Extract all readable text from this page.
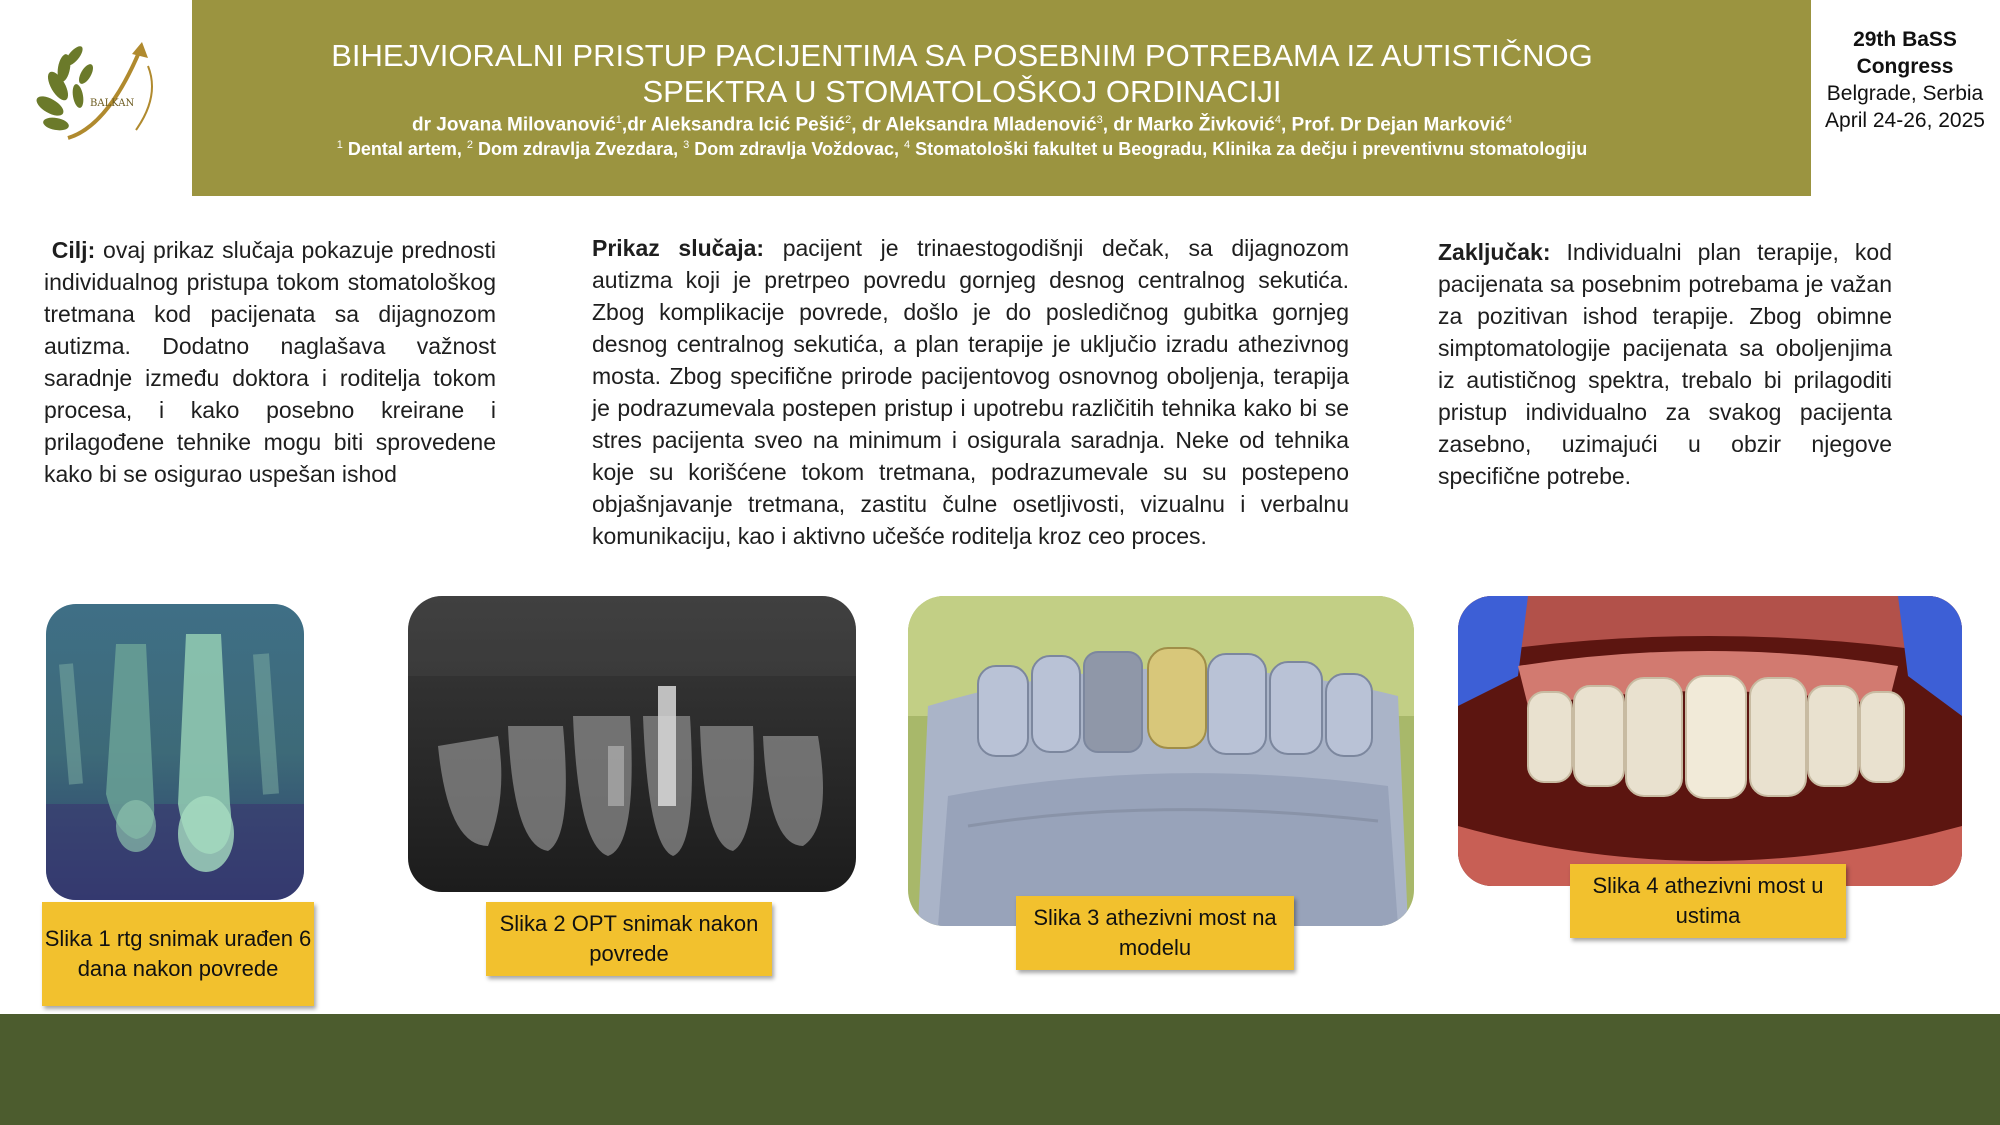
BALKAN
BIHEJVIORALNI PRISTUP PACIJENTIMA SA POSEBNIM POTREBAMA IZ AUTISTIČNOG
SPEKTRA U STOMATOLOŠKOJ ORDINACIJI
dr Jovana Milovanović$^1$,dr Aleksandra Icić Pešić$^2$, dr Aleksandra Mladenović$^3$, dr Marko Živković$^4$, Prof. Dr Dejan Marković$^4$
$^1$ Dental artem, $^2$ Dom zdravlja Zvezdara, $^3$ Dom zdravlja Voždovac, $^4$ Stomatološki fakultet u Beogradu, Klinika za dečju i preventivnu stomatologiju
29th BaSS
Congress
Belgrade, Serbia
April 24-26, 2025
Cilj: ovaj prikaz slučaja pokazuje prednosti individualnog pristupa tokom stomatološkog tretmana kod pacijenata sa dijagnozom autizma. Dodatno naglašava važnost saradnje između doktora i roditelja tokom procesa, i kako posebno kreirane i prilagođene tehnike mogu biti sprovedene kako bi se osigurao uspešan ishod
Prikaz slučaja: pacijent je trinaestogodišnji dečak, sa dijagnozom autizma koji je pretrpeo povredu gornjeg desnog centralnog sekutića. Zbog komplikacije povrede, došlo je do posledičnog gubitka gornjeg desnog centralnog sekutića, a plan terapije je uključio izradu athezivnog mosta. Zbog specifične prirode pacijentovog osnovnog oboljenja, terapija je podrazumevala postepen pristup i upotrebu različitih tehnika kako bi se stres pacijenta sveo na minimum i osigurala saradnja. Neke od tehnika koje su korišćene tokom tretmana, podrazumevale su su postepeno objašnjavanje tretmana, zastitu čulne osetljivosti, vizualnu i verbalnu komunikaciju, kao i aktivno učešće roditelja kroz ceo proces.
Zaključak: Individualni plan terapije, kod pacijenata sa posebnim potrebama je važan za pozitivan ishod terapije. Zbog obimne simptomatologije pacijenata sa oboljenjima iz autističnog spektra, trebalo bi prilagoditi pristup individualno za svakog pacijenta zasebno, uzimajući u obzir njegove specifične potrebe.
Slika 1 rtg snimak urađen 6 dana nakon povrede
Slika 2 OPT snimak nakon povrede
Slika 3 athezivni most na modelu
Slika 4 athezivni most u ustima
